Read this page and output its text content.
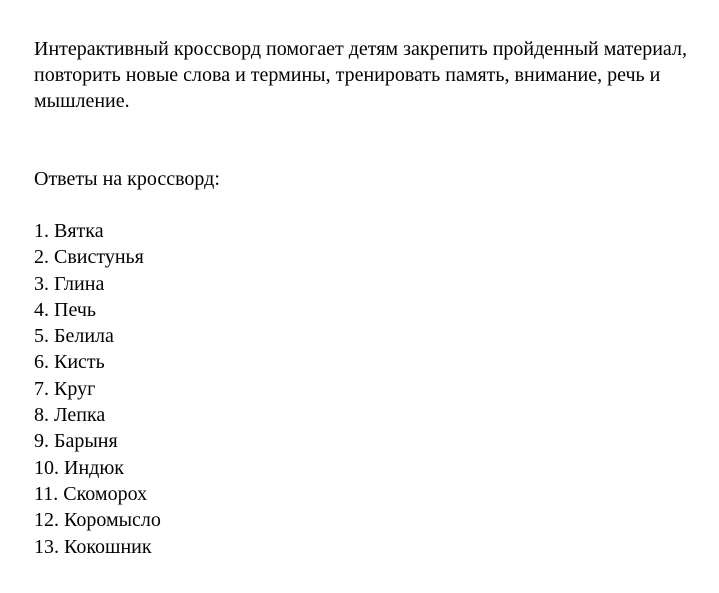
Интерактивный кроссворд помогает детям закрепить пройденный материал, повторить новые слова и термины, тренировать память, внимание, речь и мышление.

Ответы на кроссворд:
1. Вятка
2. Свистунья
3. Глина
4. Печь
5. Белила
6. Кисть
7. Круг
8. Лепка
9. Барыня
10. Индюк
11. Скоморох
12. Коромысло
13. Кокошник
